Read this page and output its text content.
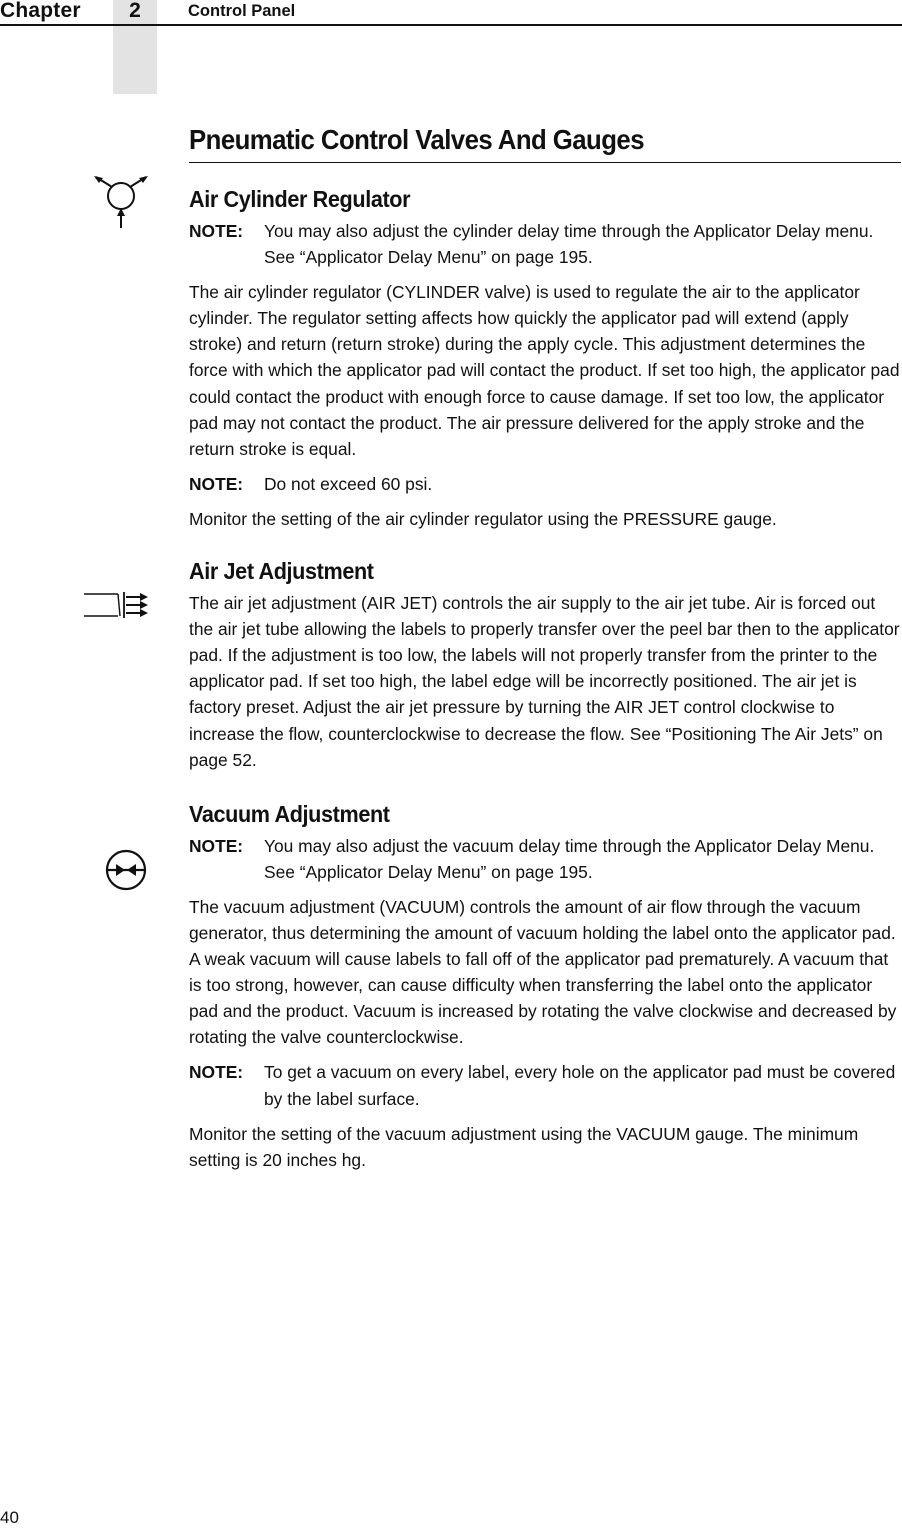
Chapter	2	Control Panel
Pneumatic Control Valves And Gauges
Air Cylinder Regulator
NOTE:	You may also adjust the cylinder delay time through the Applicator Delay menu. See “Applicator Delay Menu” on page 195.

The air cylinder regulator (CYLINDER valve) is used to regulate the air to the applicator cylinder. The regulator setting affects how quickly the applicator pad will extend (apply stroke) and return (return stroke) during the apply cycle. This adjustment determines the force with which the applicator pad will contact the product. If set too high, the applicator pad could contact the product with enough force to cause damage. If set too low, the applicator pad may not contact the product. The air pressure delivered for the apply stroke and the return stroke is equal.

NOTE:	Do not exceed 60 psi.

Monitor the setting of the air cylinder regulator using the PRESSURE gauge.

Air Jet Adjustment

The air jet adjustment (AIR JET) controls the air supply to the air jet tube. Air is forced out the air jet tube allowing the labels to properly transfer over the peel bar then to the applicator pad. If the adjustment is too low, the labels will not properly transfer from the printer to the applicator pad. If set too high, the label edge will be incorrectly positioned. The air jet is factory preset. Adjust the air jet pressure by turning the AIR JET control clockwise to increase the flow, counterclockwise to decrease the flow. See “Positioning The Air Jets” on page 52.

Vacuum Adjustment
NOTE:	You may also adjust the vacuum delay time through the Applicator Delay Menu. See “Applicator Delay Menu” on page 195.

The vacuum adjustment (VACUUM) controls the amount of air flow through the vacuum generator, thus determining the amount of vacuum holding the label onto the applicator pad. A weak vacuum will cause labels to fall off of the applicator pad prematurely. A vacuum that is too strong, however, can cause difficulty when transferring the label onto the applicator pad and the product. Vacuum is increased by rotating the valve clockwise and decreased by rotating the valve counterclockwise.

NOTE:	To get a vacuum on every label, every hole on the applicator pad must be covered by the label surface.

Monitor the setting of the vacuum adjustment using the VACUUM gauge. The minimum setting is 20 inches hg.

40
